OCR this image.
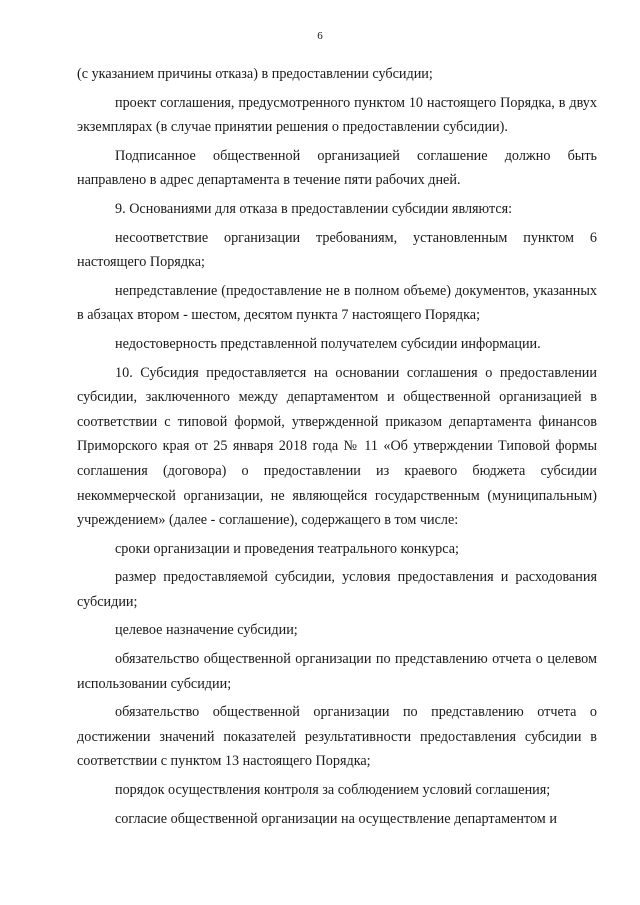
6

(с указанием причины отказа) в предоставлении субсидии;

проект соглашения, предусмотренного пунктом 10 настоящего Порядка, в двух экземплярах (в случае принятии решения о предоставлении субсидии).

Подписанное общественной организацией соглашение должно быть направлено в адрес департамента в течение пяти рабочих дней.

9. Основаниями для отказа в предоставлении субсидии являются:

несоответствие организации требованиям, установленным пунктом 6 настоящего Порядка;

непредставление (предоставление не в полном объеме) документов, указанных в абзацах втором - шестом, десятом пункта 7 настоящего Порядка;

недостоверность представленной получателем субсидии информации.

10. Субсидия предоставляется на основании соглашения о предоставлении субсидии, заключенного между департаментом и общественной организацией в соответствии с типовой формой, утвержденной приказом департамента финансов Приморского края от 25 января 2018 года № 11 «Об утверждении Типовой формы соглашения (договора) о предоставлении из краевого бюджета субсидии некоммерческой организации, не являющейся государственным (муниципальным) учреждением» (далее - соглашение), содержащего в том числе:

сроки организации и проведения театрального конкурса;

размер предоставляемой субсидии, условия предоставления и расходования субсидии;

целевое назначение субсидии;

обязательство общественной организации по представлению отчета о целевом использовании субсидии;

обязательство общественной организации по представлению отчета о достижении значений показателей результативности предоставления субсидии в соответствии с пунктом 13 настоящего Порядка;

порядок осуществления контроля за соблюдением условий соглашения;

согласие общественной организации на осуществление департаментом и
